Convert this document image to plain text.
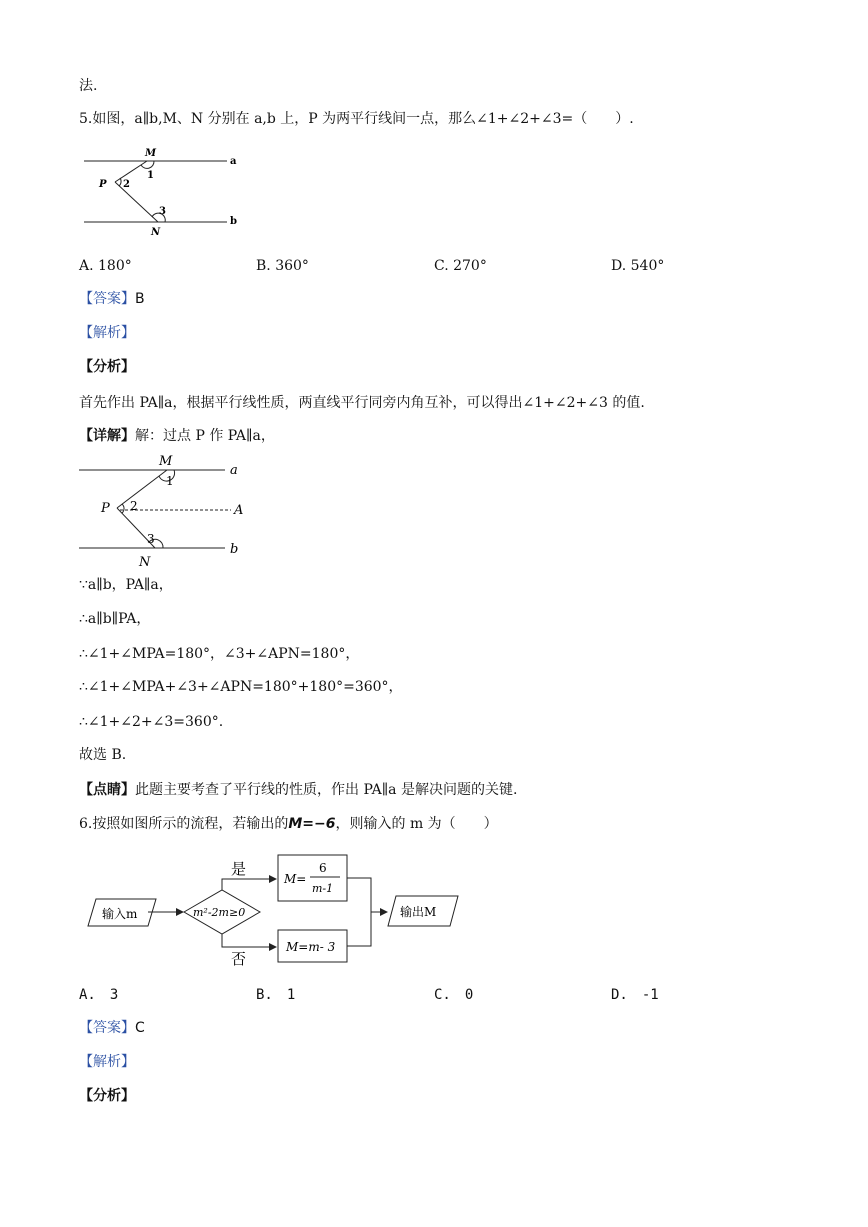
法.
5.如图，a∥b,M、N 分别在 a,b 上，P 为两平行线间一点，那么∠1+∠2+∠3=（　　）.
M
1
P 2
3
N
a
b
A. 180°	B. 360°	C. 270°	D. 540°
【答案】B
【解析】
【分析】
首先作出 PA∥a，根据平行线性质，两直线平行同旁内角互补，可以得出∠1+∠2+∠3 的值.
【详解】解：过点 P 作 PA∥a，
M
1
P 2	A
3
N
a
b
∵a∥b，PA∥a，
∴a∥b∥PA，
∴∠1+∠MPA=180°，∠3+∠APN=180°，
∴∠1+∠MPA+∠3+∠APN=180°+180°=360°，
∴∠1+∠2+∠3=360°.
故选 B.
【点睛】此题主要考查了平行线的性质，作出 PA∥a 是解决问题的关键.
6.按照如图所示的流程，若输出的M=−6，则输入的 m 为（　　）
输入m	m²-2m≥0
是
否
M=
6
m-1
M=m- 3
输出M
A.　3	B.　1	C.　0	D.　-1
【答案】C
【解析】
【分析】
